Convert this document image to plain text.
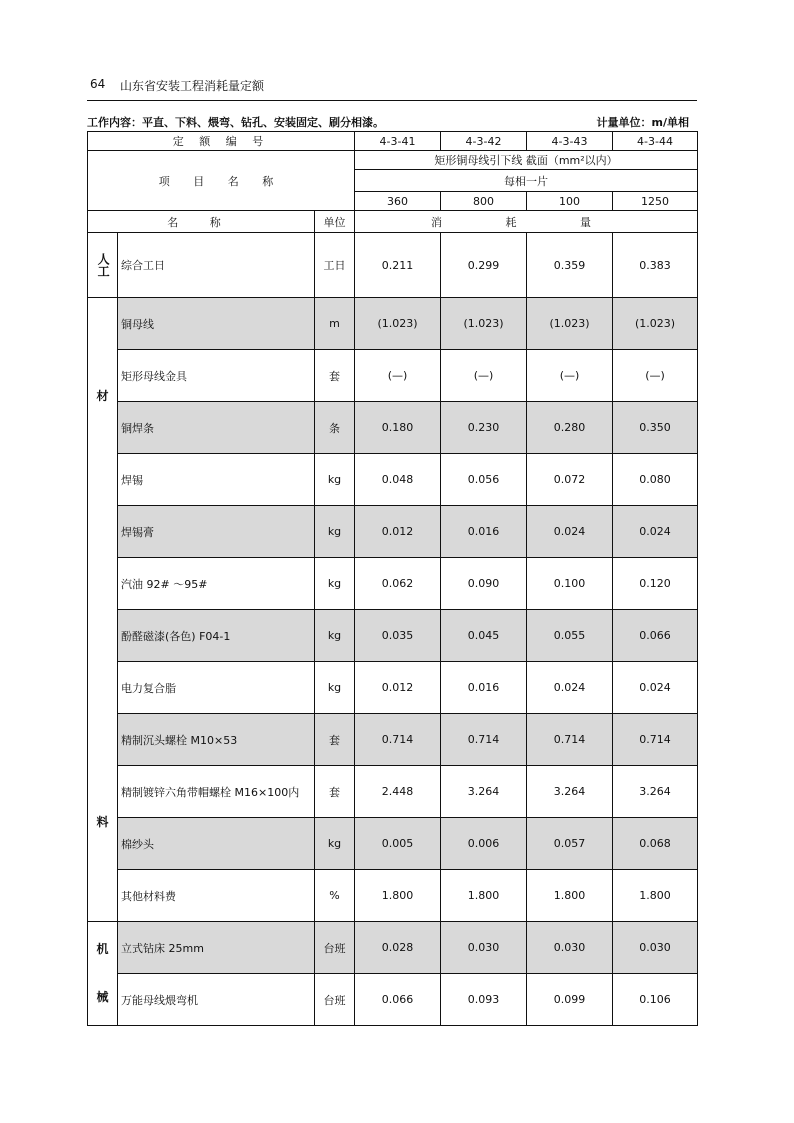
64 山东省安装工程消耗量定额
工作内容：平直、下料、煨弯、钻孔、安装固定、刷分相漆。	计量单位：m/单相
定 额 编 号			4-3-41	4-3-42	4-3-43	4-3-44
项 目 名 称			矩形铜母线引下线 截面（mm²以内）			
			每相一片			
			360	800	100	1250
名 称		单位	消 耗 量			
人工	综合工日	工日	0.211	0.299	0.359	0.383

材
料	铜母线	m	(1.023)	(1.023)	(1.023)	(1.023)
	矩形母线金具	套	(—)	(—)	(—)	(—)
	铜焊条	条	0.180	0.230	0.280	0.350
	焊锡	kg	0.048	0.056	0.072	0.080
	焊锡膏	kg	0.012	0.016	0.024	0.024
	汽油 92# ～95#	kg	0.062	0.090	0.100	0.120
	酚醛磁漆(各色) F04-1	kg	0.035	0.045	0.055	0.066
	电力复合脂	kg	0.012	0.016	0.024	0.024
	精制沉头螺栓 M10×53	套	0.714	0.714	0.714	0.714
	精制镀锌六角带帽螺栓 M16×100内	套	2.448	3.264	3.264	3.264
	棉纱头	kg	0.005	0.006	0.057	0.068
	其他材料费	%	1.800	1.800	1.800	1.800

机
械	立式钻床 25mm	台班	0.028	0.030	0.030	0.030
	万能母线煨弯机	台班	0.066	0.093	0.099	0.106
